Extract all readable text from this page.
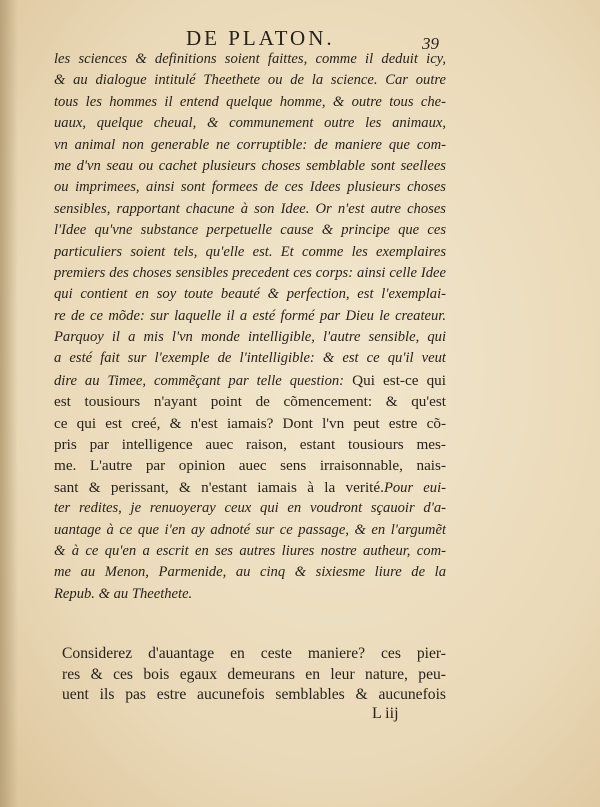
DE PLATON.	39
les sciences & definitions soient faittes, comme il deduit icy,
& au dialogue intitulé Theethete ou de la science. Car outre
tous les hommes il entend quelque homme, & outre tous che-
uaux, quelque cheual, & communement outre les animaux,
vn animal non generable ne corruptible: de maniere que com-
me d'vn seau ou cachet plusieurs choses semblable sont seellees
ou imprimees, ainsi sont formees de ces Idees plusieurs choses
sensibles, rapportant chacune à son Idee. Or n'est autre choses
l'Idee qu'vne substance perpetuelle cause & principe que ces
particuliers soient tels, qu'elle est. Et comme les exemplaires
premiers des choses sensibles precedent ces corps: ainsi celle Idee
qui contient en soy toute beauté & perfection, est l'exemplai-
re de ce mõde: sur laquelle il a esté formé par Dieu le createur.
Parquoy il a mis l'vn monde intelligible, l'autre sensible, qui
a esté fait sur l'exemple de l'intelligible: & est ce qu'il veut
dire au Timee, commẽçant par telle question: Qui est-ce qui
est tousiours n'ayant point de cõmencement: & qu'est
ce qui est creé, & n'est iamais? Dont l'vn peut estre cõ-
pris par intelligence auec raison, estant tousiours mes-
me. L'autre par opinion auec sens irraisonnable, nais-
sant & perissant, & n'estant iamais à la verité.Pour eui-
ter redites, je renuoyeray ceux qui en voudront sçauoir d'a-
uantage à ce que i'en ay adnoté sur ce passage, & en l'argumẽt
& à ce qu'en a escrit en ses autres liures nostre autheur, com-
me au Menon, Parmenide, au cinq & sixiesme liure de la
Repub. & au Theethete.
Considerez d'auantage en ceste maniere? ces pier-
res & ces bois egaux demeurans en leur nature, peu-
uent ils pas estre aucunefois semblables & aucunefois
L iij
